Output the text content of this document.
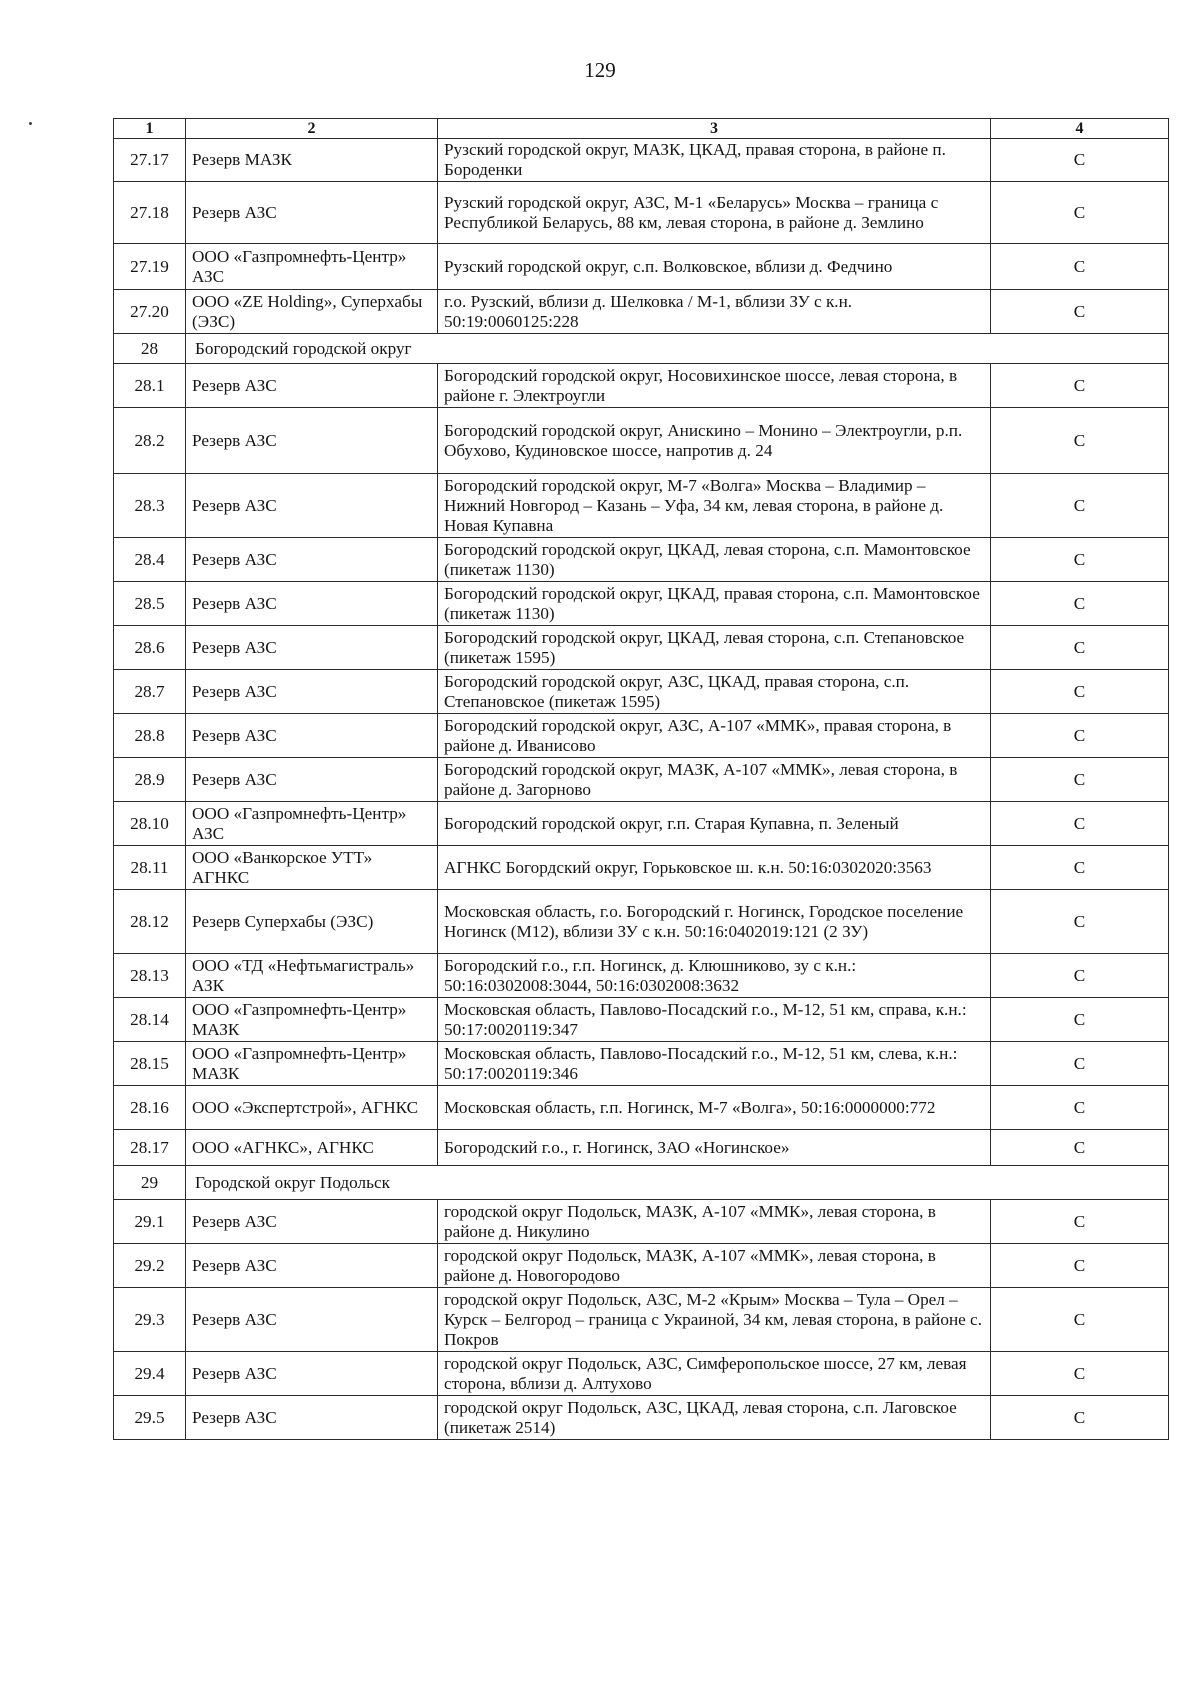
129
1	2	3	4
27.17	Резерв МАЗК	Рузский городской округ, МАЗК, ЦКАД, правая сторона, в районе п. Бороденки	С
27.18	Резерв АЗС	Рузский городской округ, АЗС, М-1 «Беларусь» Москва – граница с Республикой Беларусь, 88 км, левая сторона, в районе д. Землино	С
27.19	ООО «Газпромнефть-Центр» АЗС	Рузский городской округ, с.п. Волковское, вблизи д. Федчино	С
27.20	ООО «ZE Holding», Суперхабы (ЭЗС)	г.о. Рузский, вблизи д. Шелковка / М-1, вблизи ЗУ с к.н. 50:19:0060125:228	С
28	Богородский городской округ		
28.1	Резерв АЗС	Богородский городской округ, Носовихинское шоссе, левая сторона, в районе г. Электроугли	С
28.2	Резерв АЗС	Богородский городской округ, Анискино – Монино – Электроугли, р.п. Обухово, Кудиновское шоссе, напротив д. 24	С
28.3	Резерв АЗС	Богородский городской округ, М-7 «Волга» Москва – Владимир – Нижний Новгород – Казань – Уфа, 34 км, левая сторона, в районе д. Новая Купавна	С
28.4	Резерв АЗС	Богородский городской округ, ЦКАД, левая сторона, с.п. Мамонтовское (пикетаж 1130)	С
28.5	Резерв АЗС	Богородский городской округ, ЦКАД, правая сторона, с.п. Мамонтовское (пикетаж 1130)	С
28.6	Резерв АЗС	Богородский городской округ, ЦКАД, левая сторона, с.п. Степановское (пикетаж 1595)	С
28.7	Резерв АЗС	Богородский городской округ, АЗС, ЦКАД, правая сторона, с.п. Степановское (пикетаж 1595)	С
28.8	Резерв АЗС	Богородский городской округ, АЗС, А-107 «ММК», правая сторона, в районе д. Иванисово	С
28.9	Резерв АЗС	Богородский городской округ, МАЗК, А-107 «ММК», левая сторона, в районе д. Загорново	С
28.10	ООО «Газпромнефть-Центр» АЗС	Богородский городской округ, г.п. Старая Купавна, п. Зеленый	С
28.11	ООО «Ванкорское УТТ» АГНКС	АГНКС Богордский округ, Горьковское ш. к.н. 50:16:0302020:3563	С
28.12	Резерв Суперхабы (ЭЗС)	Московская область, г.о. Богородский г. Ногинск, Городское поселение Ногинск (М12), вблизи ЗУ с к.н. 50:16:0402019:121 (2 ЗУ)	С
28.13	ООО «ТД «Нефтьмагистраль» АЗК	Богородский г.о., г.п. Ногинск, д. Клюшниково, зу с к.н.: 50:16:0302008:3044, 50:16:0302008:3632	С
28.14	ООО «Газпромнефть-Центр» МАЗК	Московская область, Павлово-Посадский г.о., М-12, 51 км, справа, к.н.: 50:17:0020119:347	С
28.15	ООО «Газпромнефть-Центр» МАЗК	Московская область, Павлово-Посадский г.о., М-12, 51 км, слева, к.н.: 50:17:0020119:346	С
28.16	ООО «Экспертстрой», АГНКС	Московская область, г.п. Ногинск, М-7 «Волга», 50:16:0000000:772	С
28.17	ООО «АГНКС», АГНКС	Богородский г.о., г. Ногинск, ЗАО «Ногинское»	С
29	Городской округ Подольск		
29.1	Резерв АЗС	городской округ Подольск, МАЗК, А-107 «ММК», левая сторона, в районе д. Никулино	С
29.2	Резерв АЗС	городской округ Подольск, МАЗК, А-107 «ММК», левая сторона, в районе д. Новогородово	С
29.3	Резерв АЗС	городской округ Подольск, АЗС, М-2 «Крым» Москва – Тула – Орел – Курск – Белгород – граница с Украиной, 34 км, левая сторона, в районе с. Покров	С
29.4	Резерв АЗС	городской округ Подольск, АЗС, Симферопольское шоссе, 27 км, левая сторона, вблизи д. Алтухово	С
29.5	Резерв АЗС	городской округ Подольск, АЗС, ЦКАД, левая сторона, с.п. Лаговское (пикетаж 2514)	С
